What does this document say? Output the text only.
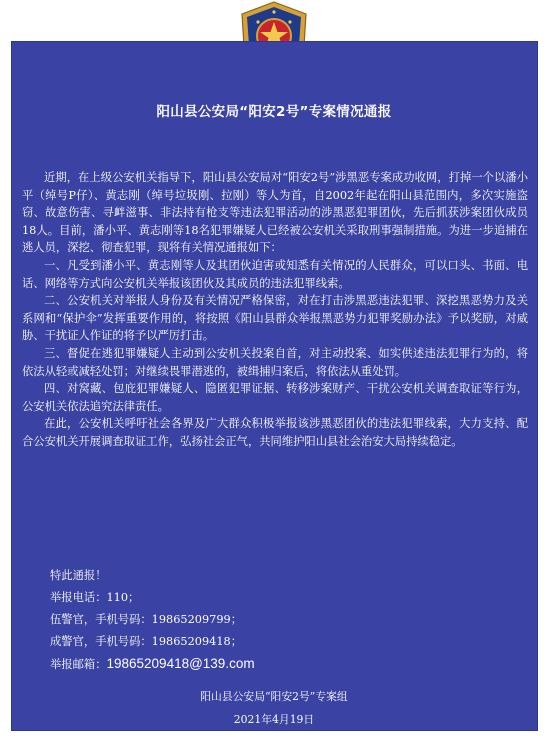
阳山县公安局“阳安2号”专案情况通报

近期，在上级公安机关指导下，阳山县公安局对“阳安2号”涉黑恶专案成功收网，打掉一个以潘小平（绰号P仔）、黄志刚（绰号垃圾刚、拉刚）等人为首，自2002年起在阳山县范围内，多次实施盗窃、故意伤害、寻衅滋事、非法持有枪支等违法犯罪活动的涉黑恶犯罪团伙，先后抓获涉案团伙成员18人。目前，潘小平、黄志刚等18名犯罪嫌疑人已经被公安机关采取刑事强制措施。为进一步追捕在逃人员，深挖、彻查犯罪，现将有关情况通报如下：

一、凡受到潘小平、黄志刚等人及其团伙迫害或知悉有关情况的人民群众，可以口头、书面、电话、网络等方式向公安机关举报该团伙及其成员的违法犯罪线索。

二、公安机关对举报人身份及有关情况严格保密，对在打击涉黑恶违法犯罪、深挖黑恶势力及关系网和“保护伞”发挥重要作用的，将按照《阳山县群众举报黑恶势力犯罪奖励办法》予以奖励，对威胁、干扰证人作证的将予以严厉打击。

三、督促在逃犯罪嫌疑人主动到公安机关投案自首，对主动投案、如实供述违法犯罪行为的，将依法从轻或减轻处罚；对继续畏罪潜逃的，被缉捕归案后，将依法从重处罚。

四、对窝藏、包庇犯罪嫌疑人、隐匿犯罪证据、转移涉案财产、干扰公安机关调查取证等行为，公安机关依法追究法律责任。

在此，公安机关呼吁社会各界及广大群众积极举报该涉黑恶团伙的违法犯罪线索，大力支持、配合公安机关开展调查取证工作，弘扬社会正气，共同维护阳山县社会治安大局持续稳定。

特此通报！
举报电话：110；
伍警官，手机号码：19865209799；
成警官，手机号码：19865209418；
举报邮箱：19865209418@139.com
阳山县公安局“阳安2号”专案组
2021年4月19日
